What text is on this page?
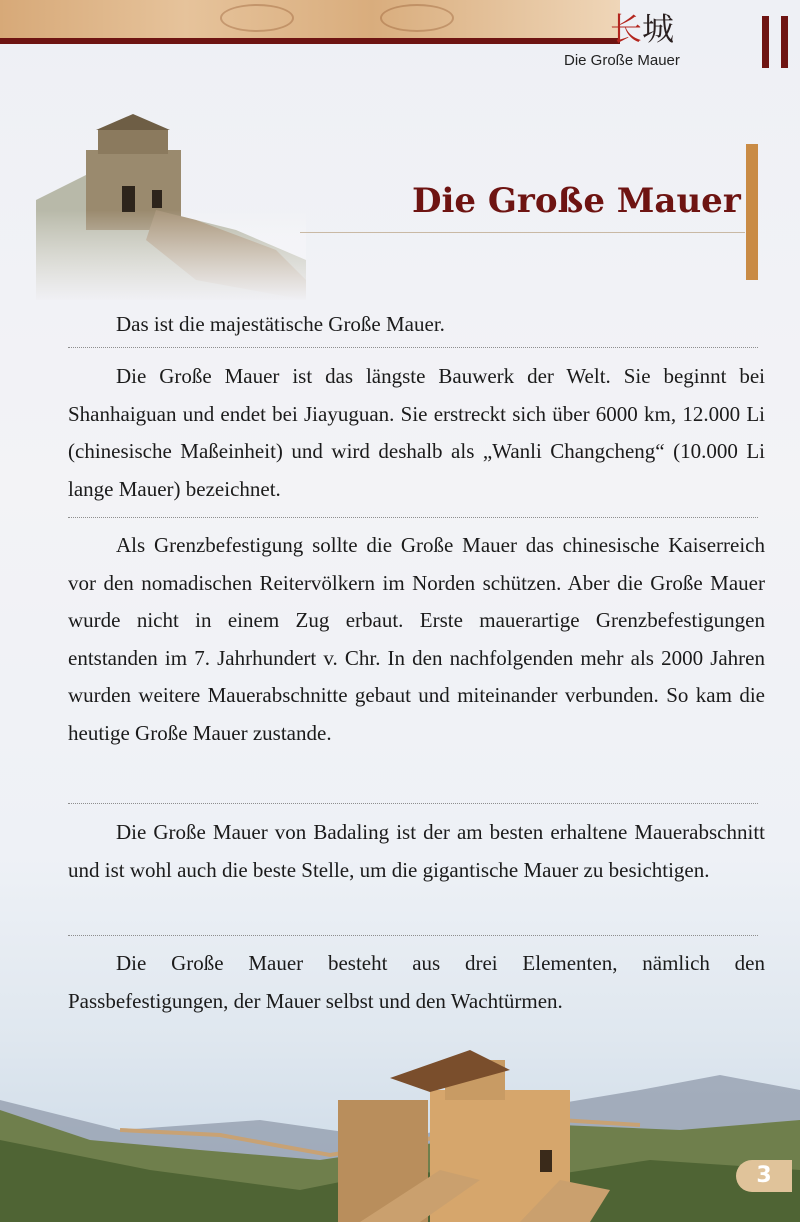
长城
Die Große Mauer
Die Große Mauer

Das ist die majestätische Große Mauer.

Die Große Mauer ist das längste Bauwerk der Welt. Sie beginnt bei Shanhaiguan und endet bei Jiayuguan. Sie erstreckt sich über 6000 km, 12.000 Li (chinesische Maßeinheit) und wird deshalb als „Wanli Changcheng“ (10.000 Li lange Mauer) bezeichnet.

Als Grenzbefestigung sollte die Große Mauer das chinesische Kaiserreich vor den nomadischen Reitervölkern im Norden schützen. Aber die Große Mauer wurde nicht in einem Zug erbaut. Erste mauerartige Grenzbefestigungen entstanden im 7. Jahrhundert v. Chr. In den nachfolgenden mehr als 2000 Jahren wurden weitere Mauerabschnitte gebaut und miteinander verbunden. So kam die heutige Große Mauer zustande.

Die Große Mauer von Badaling ist der am besten erhaltene Mauerabschnitt und ist wohl auch die beste Stelle, um die gigantische Mauer zu besichtigen.

Die Große Mauer besteht aus drei Elementen, nämlich den Passbefestigungen, der Mauer selbst und den Wachtürmen.

3
